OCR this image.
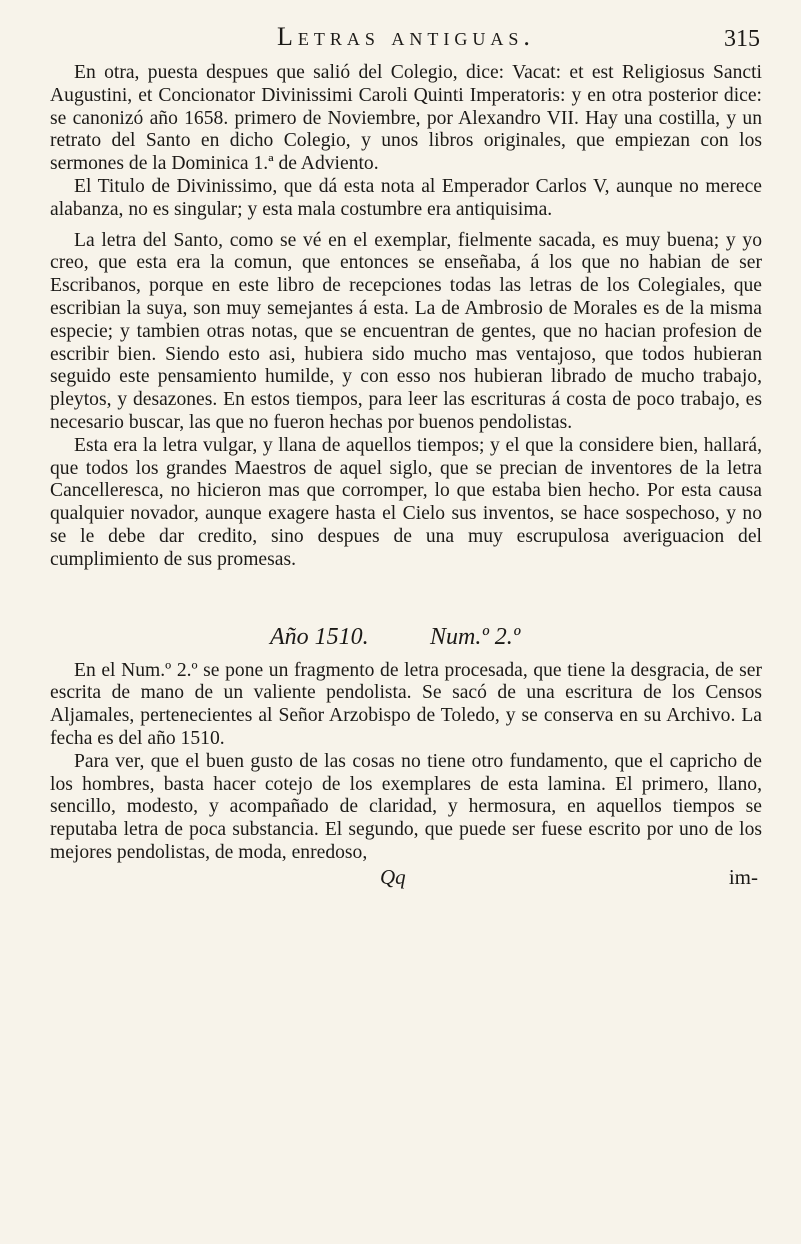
Letras antiguas.	315

En otra, puesta despues que salió del Colegio, dice: Vacat: et est Religiosus Sancti Augustini, et Concionator Divinissimi Caroli Quinti Imperatoris: y en otra posterior dice: se canonizó año 1658. primero de Noviembre, por Alexandro VII. Hay una costilla, y un retrato del Santo en dicho Colegio, y unos libros originales, que empiezan con los sermones de la Dominica 1.ª de Adviento.

El Titulo de Divinissimo, que dá esta nota al Emperador Carlos V, aunque no merece alabanza, no es singular; y esta mala costumbre era antiquisima.

La letra del Santo, como se vé en el exemplar, fielmente sacada, es muy buena; y yo creo, que esta era la comun, que entonces se enseñaba, á los que no habian de ser Escribanos, porque en este libro de recepciones todas las letras de los Colegiales, que escribian la suya, son muy semejantes á esta. La de Ambrosio de Morales es de la misma especie; y tambien otras notas, que se encuentran de gentes, que no hacian profesion de escribir bien. Siendo esto asi, hubiera sido mucho mas ventajoso, que todos hubieran seguido este pensamiento humilde, y con esso nos hubieran librado de mucho trabajo, pleytos, y desazones. En estos tiempos, para leer las escrituras á costa de poco trabajo, es necesario buscar, las que no fueron hechas por buenos pendolistas.

Esta era la letra vulgar, y llana de aquellos tiempos; y el que la considere bien, hallará, que todos los grandes Maestros de aquel siglo, que se precian de inventores de la letra Cancelleresca, no hicieron mas que corromper, lo que estaba bien hecho. Por esta causa qualquier novador, aunque exagere hasta el Cielo sus inventos, se hace sospechoso, y no se le debe dar credito, sino despues de una muy escrupulosa averiguacion del cumplimiento de sus promesas.

Año 1510.	Num.º 2.º

En el Num.º 2.º se pone un fragmento de letra procesada, que tiene la desgracia, de ser escrita de mano de un valiente pendolista. Se sacó de una escritura de los Censos Aljamales, pertenecientes al Señor Arzobispo de Toledo, y se conserva en su Archivo. La fecha es del año 1510.

Para ver, que el buen gusto de las cosas no tiene otro fundamento, que el capricho de los hombres, basta hacer cotejo de los exemplares de esta lamina. El primero, llano, sencillo, modesto, y acompañado de claridad, y hermosura, en aquellos tiempos se reputaba letra de poca substancia. El segundo, que puede ser fuese escrito por uno de los mejores pendolistas, de moda, enredoso,

Qq	im-
